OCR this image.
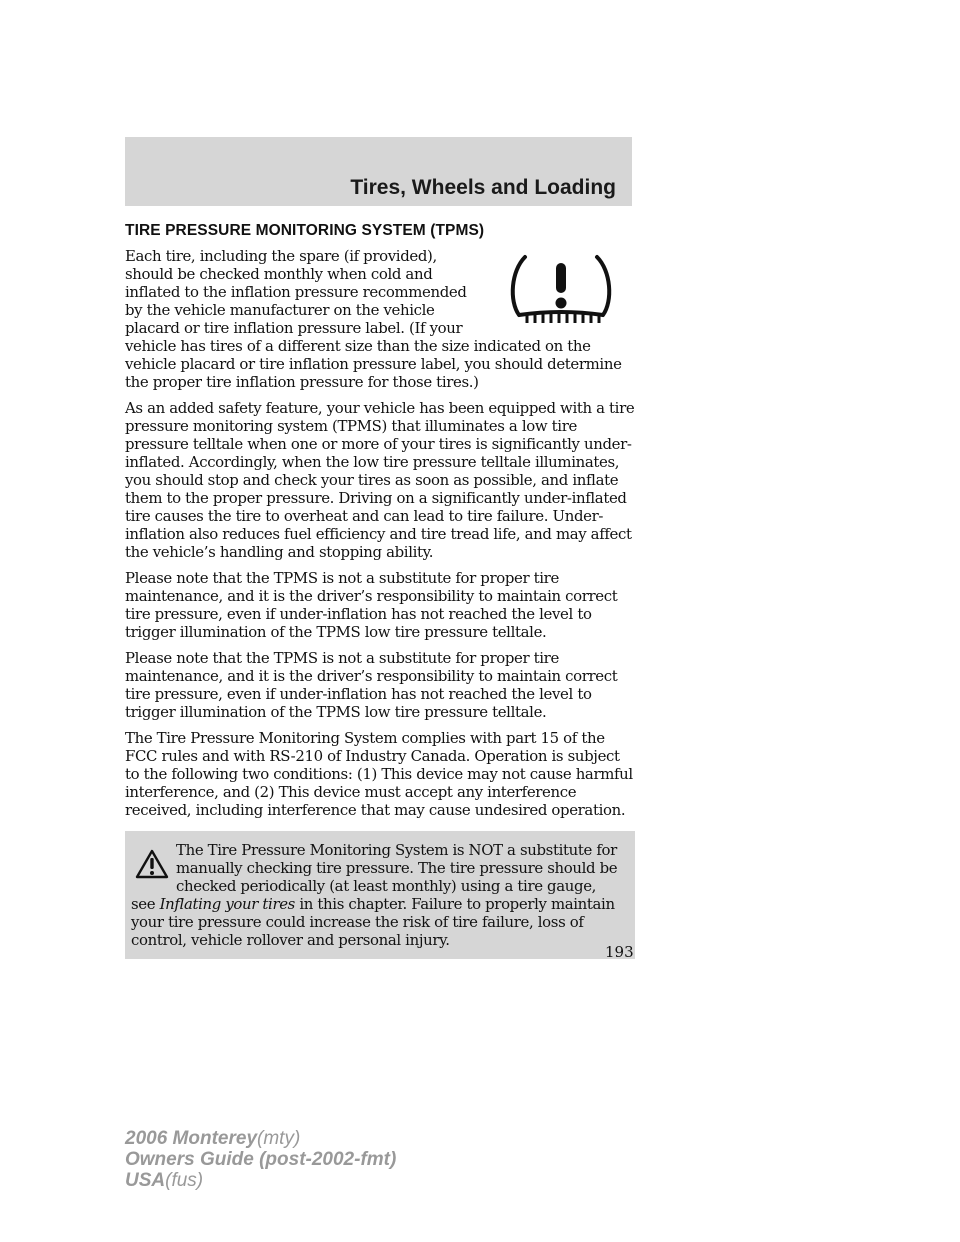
Tires, Wheels and Loading
TIRE PRESSURE MONITORING SYSTEM (TPMS)

Each tire, including the spare (if provided), should be checked monthly when cold and inflated to the inflation pressure recommended by the vehicle manufacturer on the vehicle placard or tire inflation pressure label. (If your vehicle has tires of a different size than the size indicated on the vehicle placard or tire inflation pressure label, you should determine the proper tire inflation pressure for those tires.)

As an added safety feature, your vehicle has been equipped with a tire pressure monitoring system (TPMS) that illuminates a low tire pressure telltale when one or more of your tires is significantly under-inflated. Accordingly, when the low tire pressure telltale illuminates, you should stop and check your tires as soon as possible, and inflate them to the proper pressure. Driving on a significantly under-inflated tire causes the tire to overheat and can lead to tire failure. Under-inflation also reduces fuel efficiency and tire tread life, and may affect the vehicle’s handling and stopping ability.

Please note that the TPMS is not a substitute for proper tire maintenance, and it is the driver’s responsibility to maintain correct tire pressure, even if under-inflation has not reached the level to trigger illumination of the TPMS low tire pressure telltale.

Please note that the TPMS is not a substitute for proper tire maintenance, and it is the driver’s responsibility to maintain correct tire pressure, even if under-inflation has not reached the level to trigger illumination of the TPMS low tire pressure telltale.

The Tire Pressure Monitoring System complies with part 15 of the FCC rules and with RS-210 of Industry Canada. Operation is subject to the following two conditions: (1) This device may not cause harmful interference, and (2) This device must accept any interference received, including interference that may cause undesired operation.

The Tire Pressure Monitoring System is NOT a substitute for manually checking tire pressure. The tire pressure should be checked periodically (at least monthly) using a tire gauge, see Inflating your tires in this chapter. Failure to properly maintain your tire pressure could increase the risk of tire failure, loss of control, vehicle rollover and personal injury.

193
2006 Monterey(mty)
Owners Guide (post-2002-fmt)
USA(fus)
